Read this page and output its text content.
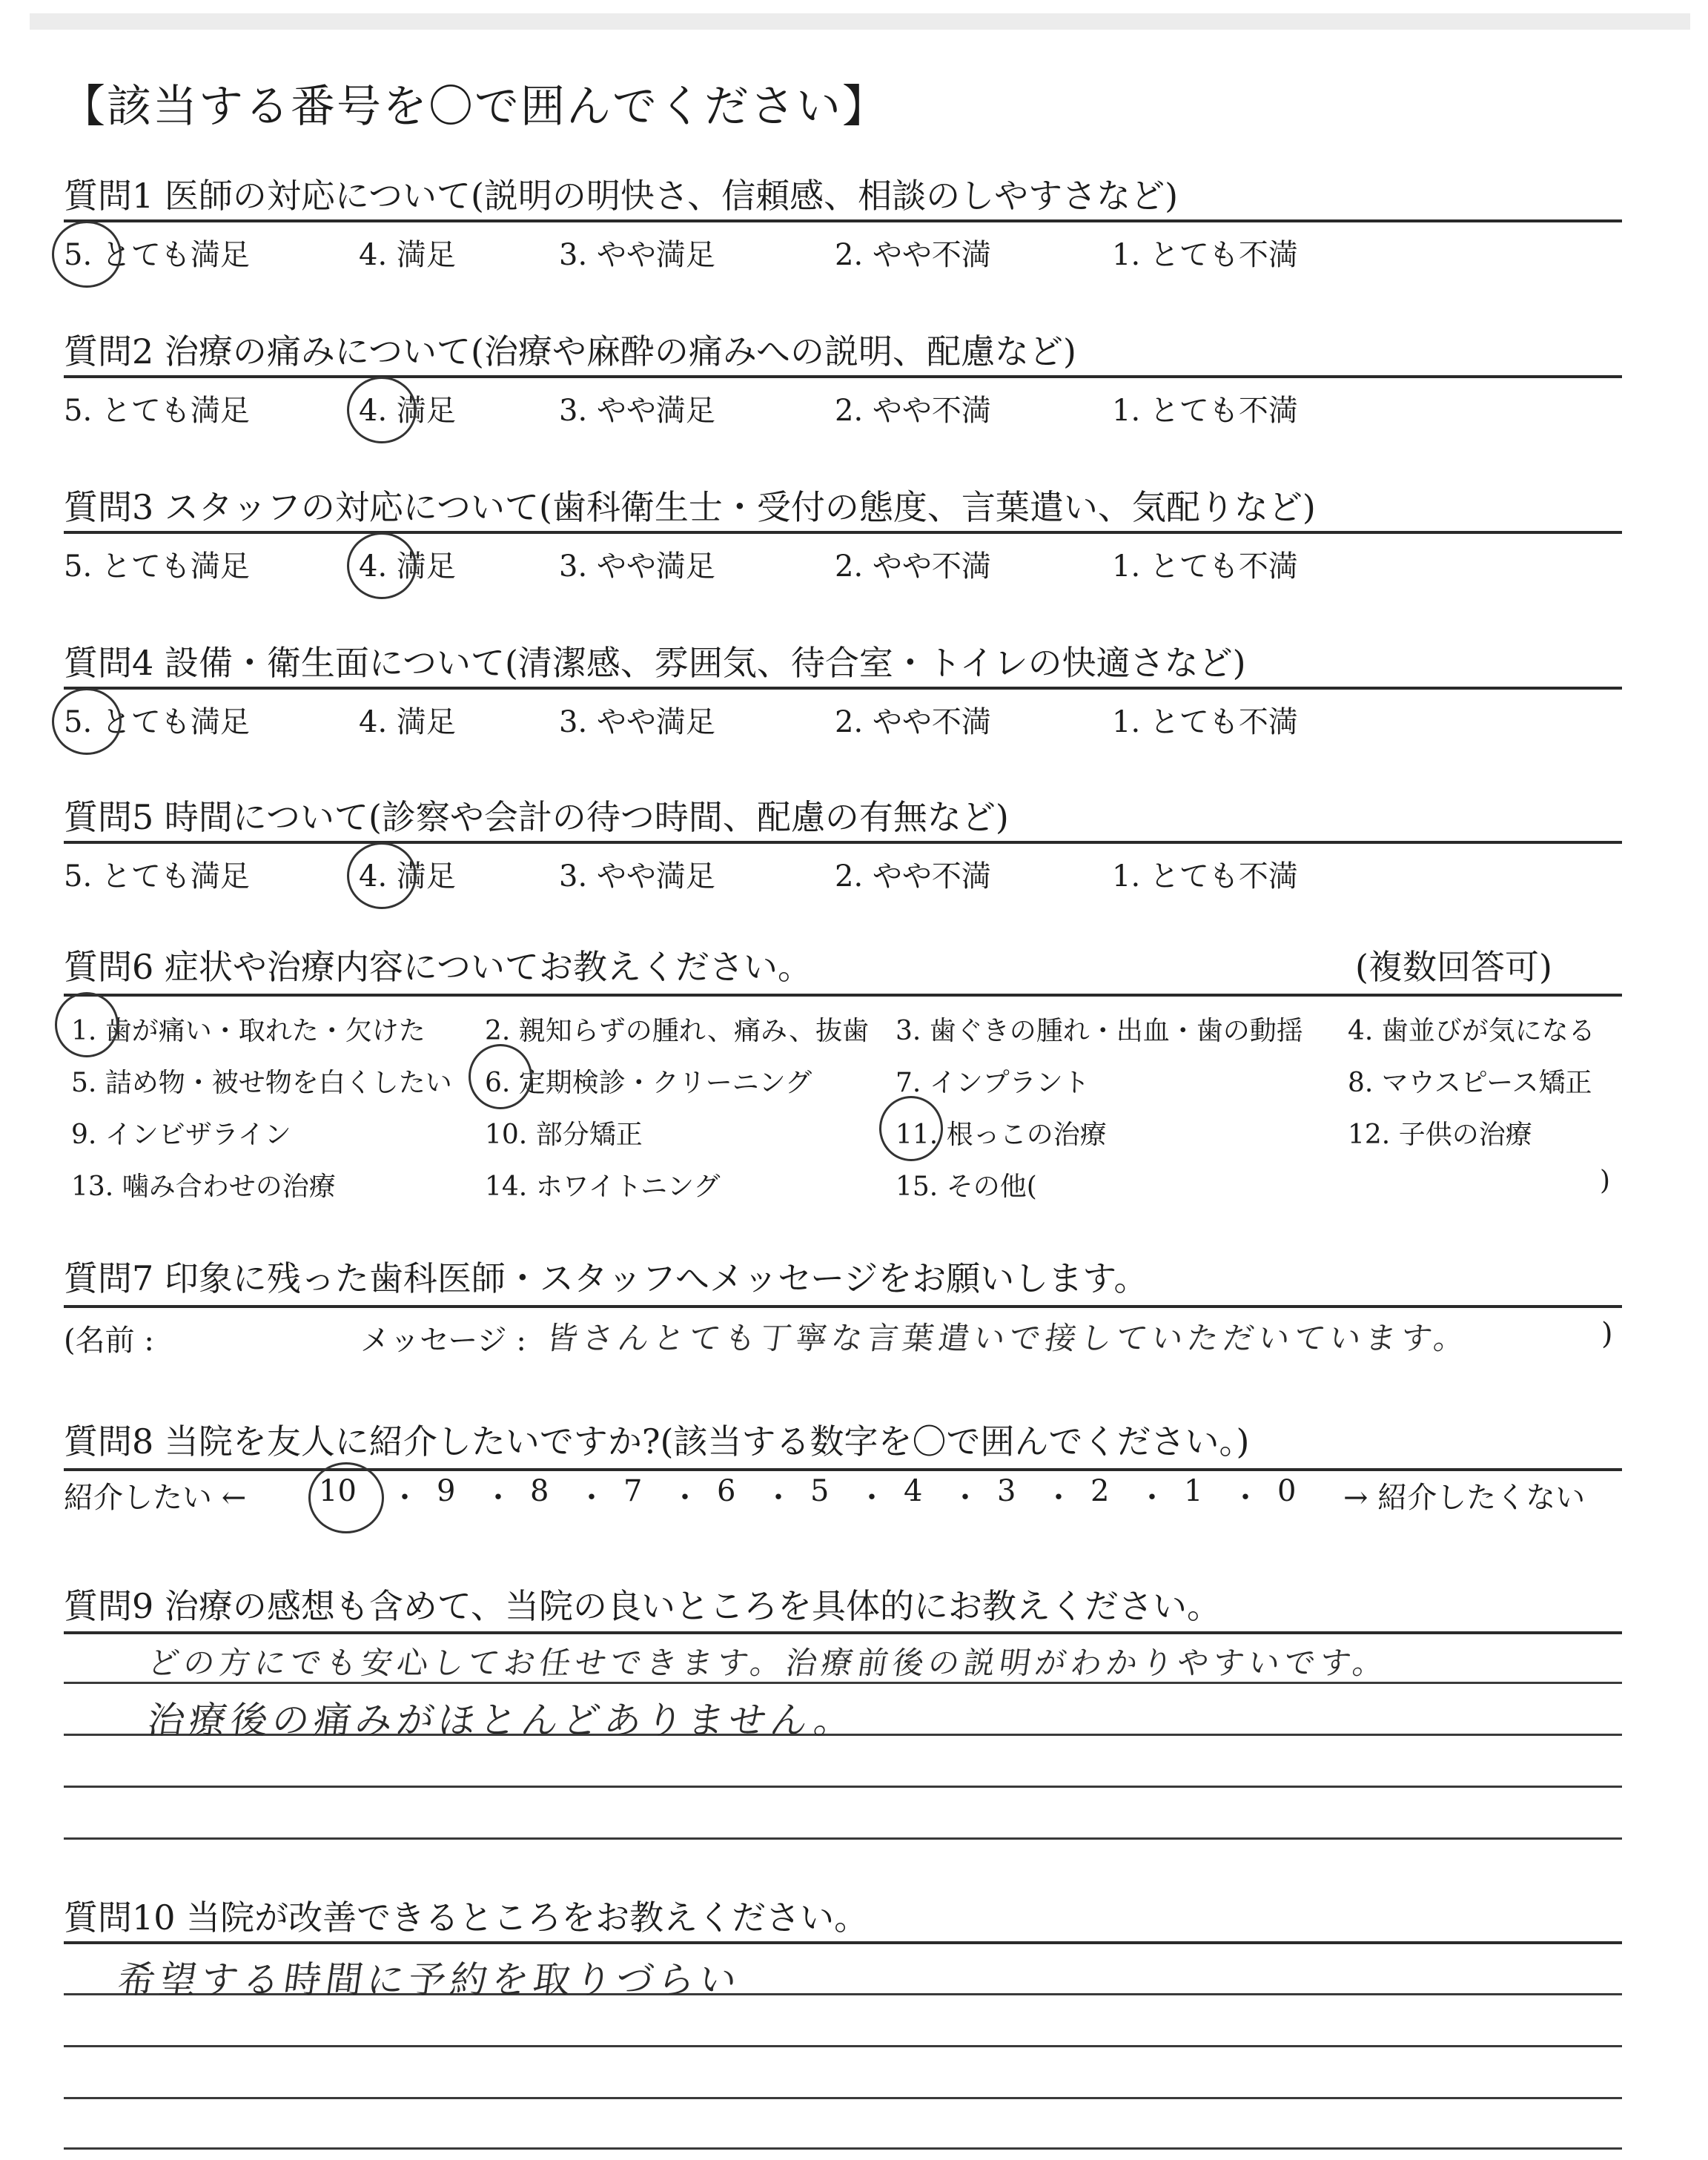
【該当する番号を〇で囲んでください】
質問1 医師の対応について(説明の明快さ、信頼感、相談のしやすさなど)
5. とても満足	4. 満足	3. やや満足	2. やや不満	1. とても不満
質問2 治療の痛みについて(治療や麻酔の痛みへの説明、配慮など)
5. とても満足	4. 満足	3. やや満足	2. やや不満	1. とても不満
質問3 スタッフの対応について(歯科衛生士・受付の態度、言葉遣い、気配りなど)
5. とても満足	4. 満足	3. やや満足	2. やや不満	1. とても不満
質問4 設備・衛生面について(清潔感、雰囲気、待合室・トイレの快適さなど)
5. とても満足	4. 満足	3. やや満足	2. やや不満	1. とても不満
質問5 時間について(診察や会計の待つ時間、配慮の有無など)
5. とても満足	4. 満足	3. やや満足	2. やや不満	1. とても不満
質問6 症状や治療内容についてお教えください。	(複数回答可)
1. 歯が痛い・取れた・欠けた 2. 親知らずの腫れ、痛み、抜歯 3. 歯ぐきの腫れ・出血・歯の動揺 4. 歯並びが気になる
5. 詰め物・被せ物を白くしたい 6. 定期検診・クリーニング	7. インプラント	8. マウスピース矯正
9. インビザライン	10. 部分矯正	11. 根っこの治療	12. 子供の治療
13. 噛み合わせの治療	14. ホワイトニング	15. その他(	)
質問7 印象に残った歯科医師・スタッフへメッセージをお願いします。
(名前 :	メッセージ : 皆さんとても丁寧な言葉遣いで接していただいています。	)
質問8 当院を友人に紹介したいですか?(該当する数字を〇で囲んでください。)
紹介したい ← 10 ・ 9 ・ 8 ・ 7 ・ 6 ・ 5 ・ 4 ・ 3 ・ 2 ・ 1 ・ 0 → 紹介したくない
質問9 治療の感想も含めて、当院の良いところを具体的にお教えください。
どの方にでも安心してお任せできます。治療前後の説明がわかりやすいです。
治療後の痛みがほとんどありません。
質問10 当院が改善できるところをお教えください。
希望する時間に予約を取りづらい
